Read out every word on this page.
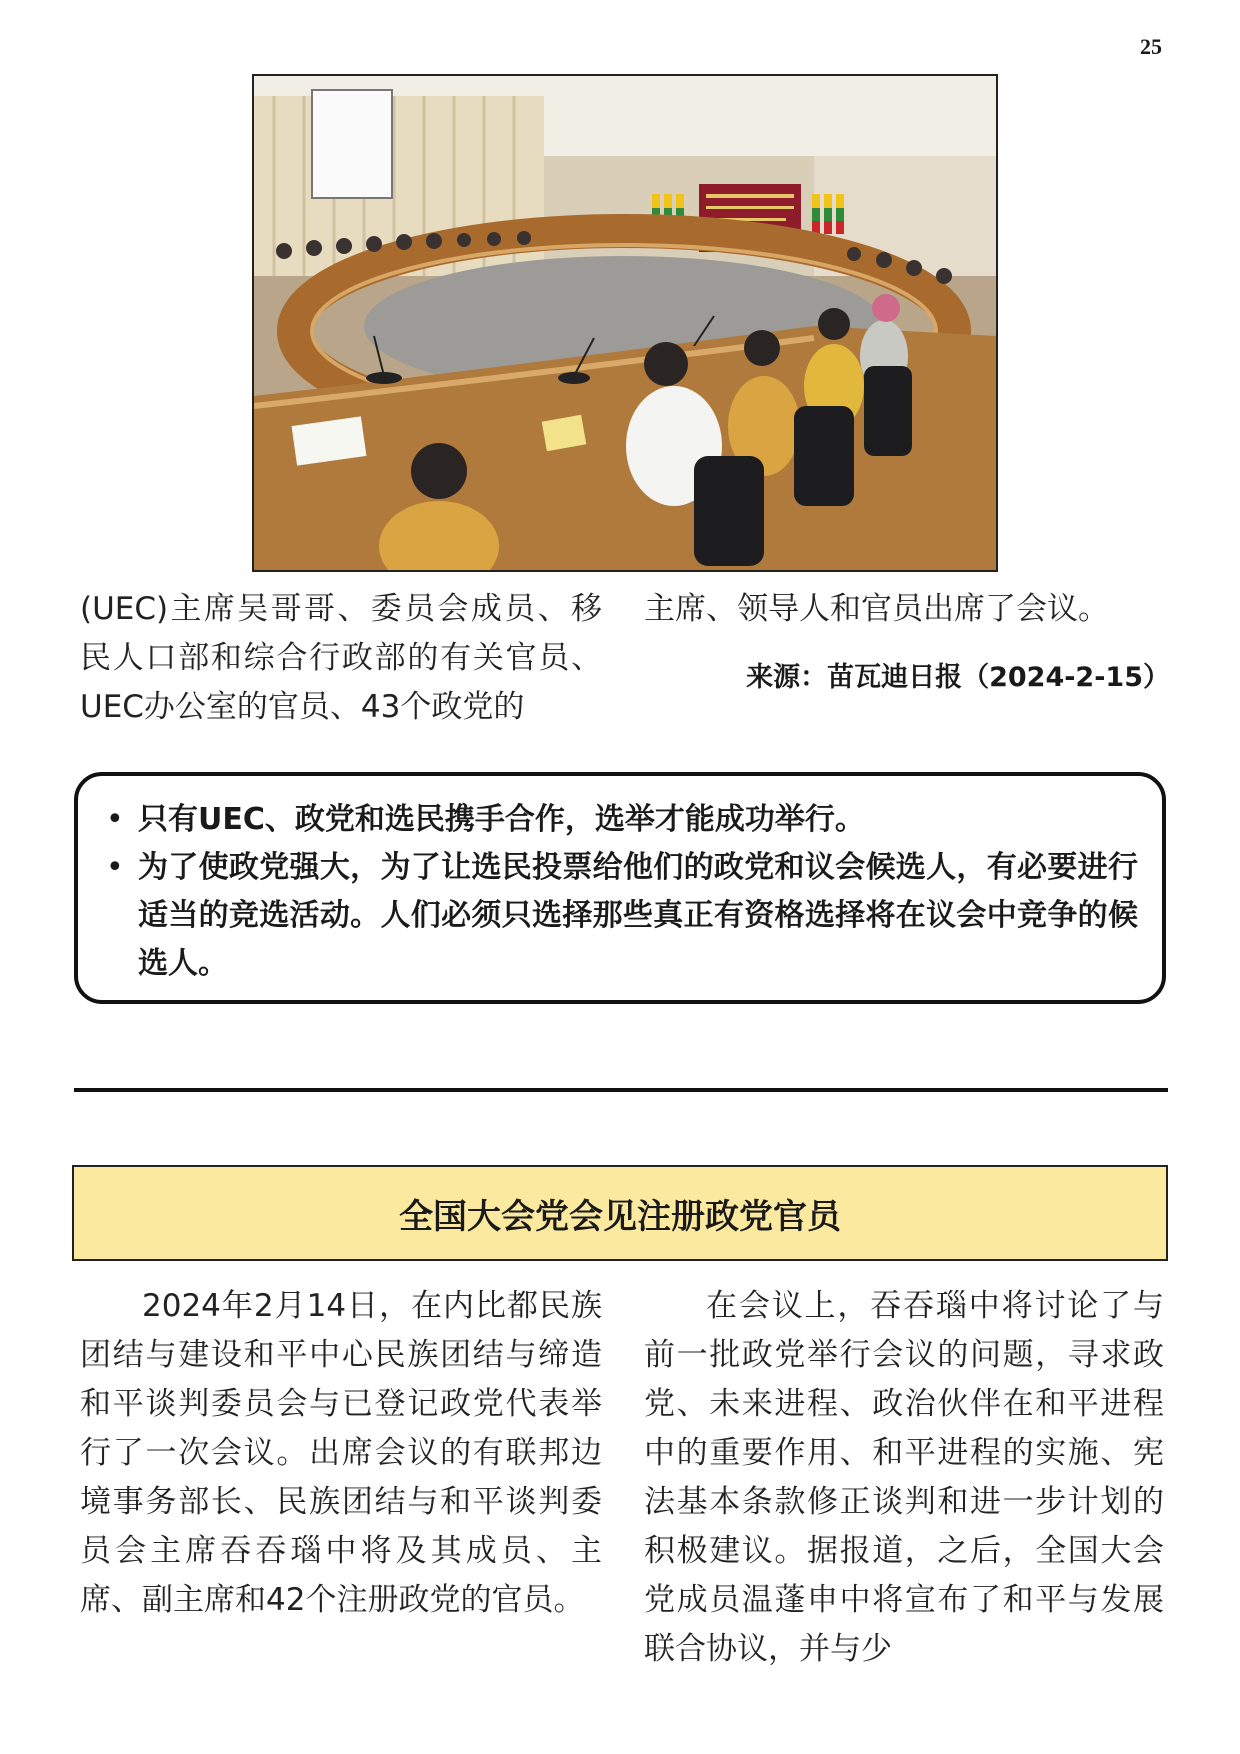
25

(UEC)主席吴哥哥、委员会成员、移民人口部和综合行政部的有关官员、UEC办公室的官员、43个政党的

主席、领导人和官员出席了会议。

来源：苗瓦迪日报（2024-2-15）
• 只有UEC、政党和选民携手合作，选举才能成功举行。
• 为了使政党强大，为了让选民投票给他们的政党和议会候选人，有必要进行适当的竞选活动。人们必须只选择那些真正有资格选择将在议会中竞争的候选人。
全国大会党会见注册政党官员

2024年2月14日，在内比都民族团结与建设和平中心民族团结与缔造和平谈判委员会与已登记政党代表举行了一次会议。出席会议的有联邦边境事务部长、民族团结与和平谈判委员会主席吞吞瑙中将及其成员、主席、副主席和42个注册政党的官员。

在会议上，吞吞瑙中将讨论了与前一批政党举行会议的问题，寻求政党、未来进程、政治伙伴在和平进程中的重要作用、和平进程的实施、宪法基本条款修正谈判和进一步计划的积极建议。据报道，之后，全国大会党成员温蓬申中将宣布了和平与发展联合协议，并与少
